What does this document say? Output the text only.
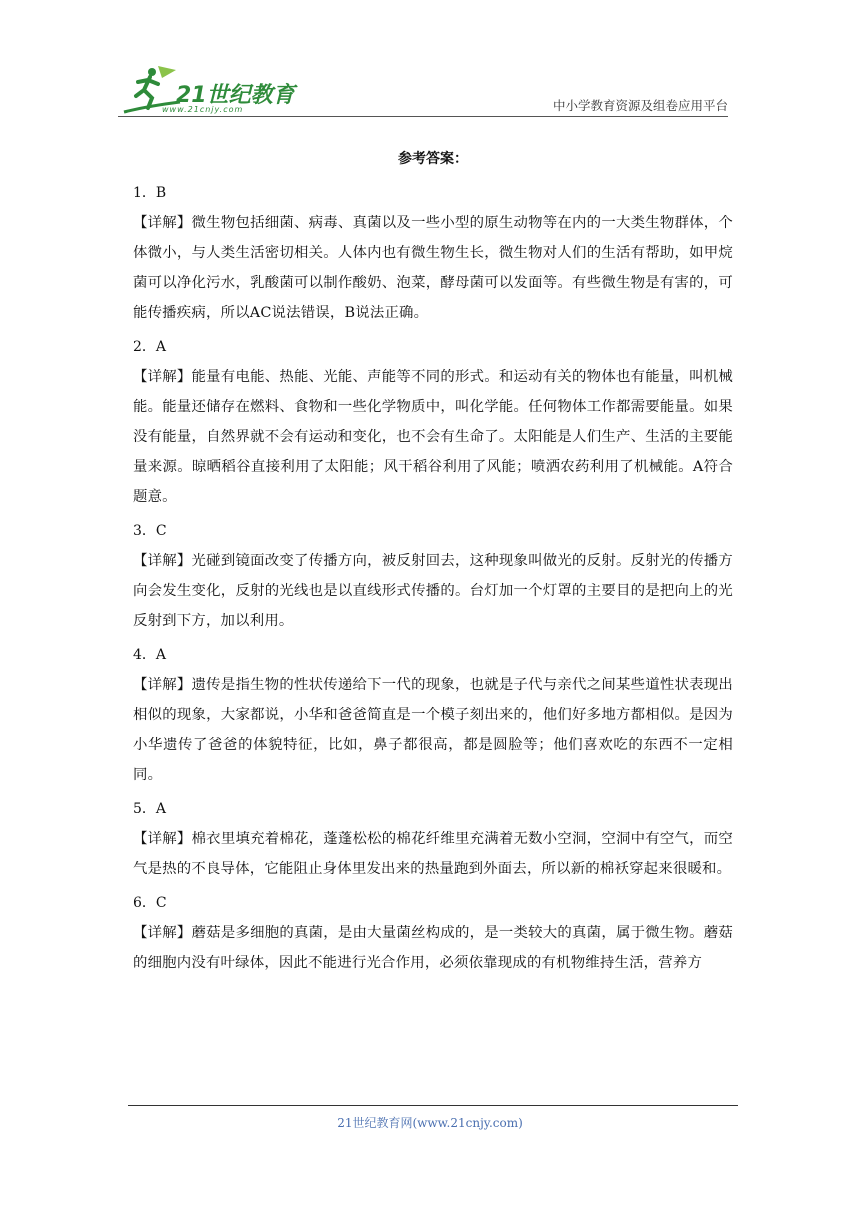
21世纪教育
www.21cnjy.com	中小学教育资源及组卷应用平台

参考答案：

1．B

【详解】微生物包括细菌、病毒、真菌以及一些小型的原生动物等在内的一大类生物群体，个体微小，与人类生活密切相关。人体内也有微生物生长，微生物对人们的生活有帮助，如甲烷菌可以净化污水，乳酸菌可以制作酸奶、泡菜，酵母菌可以发面等。有些微生物是有害的，可能传播疾病，所以AC说法错误，B说法正确。

2．A

【详解】能量有电能、热能、光能、声能等不同的形式。和运动有关的物体也有能量，叫机械能。能量还储存在燃料、食物和一些化学物质中，叫化学能。任何物体工作都需要能量。如果没有能量，自然界就不会有运动和变化，也不会有生命了。太阳能是人们生产、生活的主要能量来源。晾晒稻谷直接利用了太阳能；风干稻谷利用了风能；喷洒农药利用了机械能。A符合题意。

3．C

【详解】光碰到镜面改变了传播方向，被反射回去，这种现象叫做光的反射。反射光的传播方向会发生变化，反射的光线也是以直线形式传播的。台灯加一个灯罩的主要目的是把向上的光反射到下方，加以利用。

4．A

【详解】遗传是指生物的性状传递给下一代的现象，也就是子代与亲代之间某些道性状表现出相似的现象，大家都说，小华和爸爸简直是一个模子刻出来的，他们好多地方都相似。是因为小华遗传了爸爸的体貌特征，比如，鼻子都很高，都是圆脸等；他们喜欢吃的东西不一定相同。

5．A

【详解】棉衣里填充着棉花，蓬蓬松松的棉花纤维里充满着无数小空洞，空洞中有空气，而空气是热的不良导体，它能阻止身体里发出来的热量跑到外面去，所以新的棉袄穿起来很暖和。

6．C

【详解】蘑菇是多细胞的真菌，是由大量菌丝构成的，是一类较大的真菌，属于微生物。蘑菇的细胞内没有叶绿体，因此不能进行光合作用，必须依靠现成的有机物维持生活，营养方

21世纪教育网(www.21cnjy.com)
